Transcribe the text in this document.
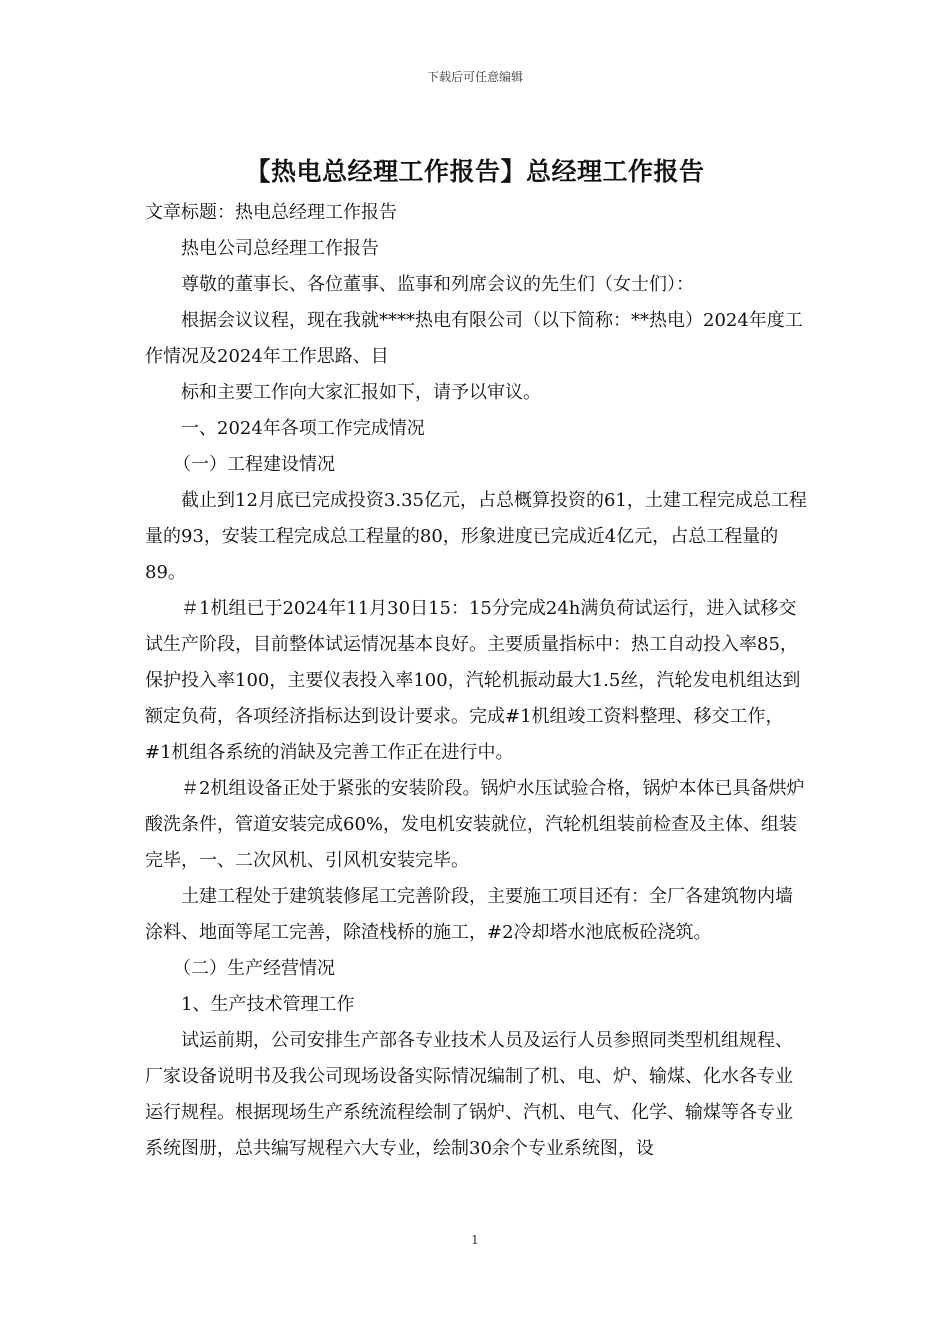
下载后可任意编辑
【热电总经理工作报告】总经理工作报告

文章标题：热电总经理工作报告

热电公司总经理工作报告

尊敬的董事长、各位董事、监事和列席会议的先生们（女士们）：

根据会议议程，现在我就****热电有限公司（以下简称：**热电）2024年度工作情况及2024年工作思路、目

标和主要工作向大家汇报如下，请予以审议。

一、2024年各项工作完成情况

（一）工程建设情况

截止到12月底已完成投资3.35亿元，占总概算投资的61，土建工程完成总工程量的93，安装工程完成总工程量的80，形象进度已完成近4亿元，占总工程量的89。

＃1机组已于2024年11月30日15：15分完成24h满负荷试运行，进入试移交试生产阶段，目前整体试运情况基本良好。主要质量指标中：热工自动投入率85，保护投入率100，主要仪表投入率100，汽轮机振动最大1.5丝，汽轮发电机组达到额定负荷，各项经济指标达到设计要求。完成#1机组竣工资料整理、移交工作，#1机组各系统的消缺及完善工作正在进行中。

＃2机组设备正处于紧张的安装阶段。锅炉水压试验合格，锅炉本体已具备烘炉酸洗条件，管道安装完成60%，发电机安装就位，汽轮机组装前检查及主体、组装完毕，一、二次风机、引风机安装完毕。

土建工程处于建筑装修尾工完善阶段，主要施工项目还有：全厂各建筑物内墙涂料、地面等尾工完善，除渣栈桥的施工，#2冷却塔水池底板砼浇筑。

（二）生产经营情况

1、生产技术管理工作

试运前期，公司安排生产部各专业技术人员及运行人员参照同类型机组规程、厂家设备说明书及我公司现场设备实际情况编制了机、电、炉、输煤、化水各专业运行规程。根据现场生产系统流程绘制了锅炉、汽机、电气、化学、输煤等各专业系统图册，总共编写规程六大专业，绘制30余个专业系统图，设

1
